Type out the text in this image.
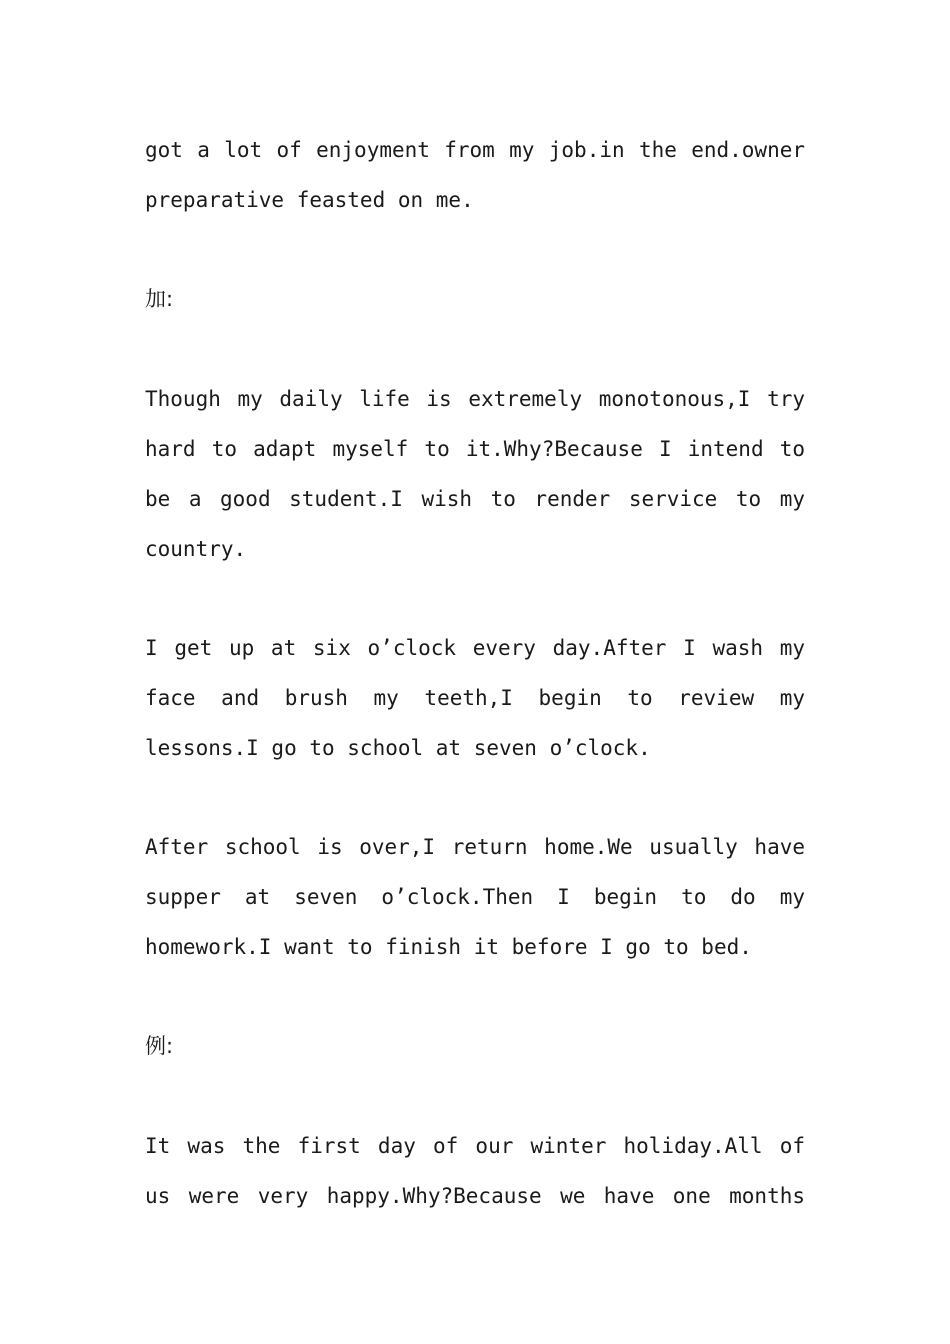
got a lot of enjoyment from my job.in the end.owner
preparative feasted on me.
加:
Though my daily life is extremely monotonous,I try
hard to adapt myself to it.Why?Because I intend to
be a good student.I wish to render service to my
country.
I get up at six o’clock every day.After I wash my
face and brush my teeth,I begin to review my
lessons.I go to school at seven o’clock.
After school is over,I return home.We usually have
supper at seven o’clock.Then I begin to do my
homework.I want to finish it before I go to bed.
例:
It was the first day of our winter holiday.All of
us were very happy.Why?Because we have one months
